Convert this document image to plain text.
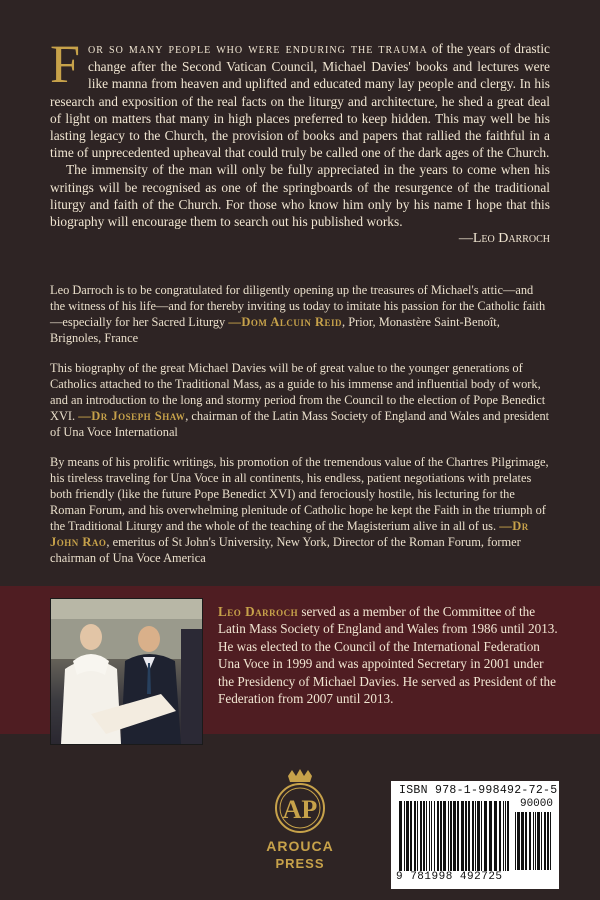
For so many people who were enduring the trauma of the years of drastic change after the Second Vatican Council, Michael Davies' books and lectures were like manna from heaven and uplifted and educated many lay people and clergy. In his research and exposition of the real facts on the liturgy and architecture, he shed a great deal of light on matters that many in high places preferred to keep hidden. This may well be his lasting legacy to the Church, the provision of books and papers that rallied the faithful in a time of unprecedented upheaval that could truly be called one of the dark ages of the Church.

The immensity of the man will only be fully appreciated in the years to come when his writings will be recognised as one of the springboards of the resurgence of the traditional liturgy and faith of the Church. For those who know him only by his name I hope that this biography will encourage them to search out his published works.

—Leo Darroch

Leo Darroch is to be congratulated for diligently opening up the treasures of Michael's attic—and the witness of his life—and for thereby inviting us today to imitate his passion for the Catholic faith—especially for her Sacred Liturgy —Dom Alcuin Reid, Prior, Monastère Saint-Benoît, Brignoles, France

This biography of the great Michael Davies will be of great value to the younger generations of Catholics attached to the Traditional Mass, as a guide to his immense and influential body of work, and an introduction to the long and stormy period from the Council to the election of Pope Benedict XVI. —Dr Joseph Shaw, chairman of the Latin Mass Society of England and Wales and president of Una Voce International

By means of his prolific writings, his promotion of the tremendous value of the Chartres Pilgrimage, his tireless traveling for Una Voce in all continents, his endless, patient negotiations with prelates both friendly (like the future Pope Benedict XVI) and ferociously hostile, his lecturing for the Roman Forum, and his overwhelming plenitude of Catholic hope he kept the Faith in the triumph of the Traditional Liturgy and the whole of the teaching of the Magisterium alive in all of us. —Dr John Rao, emeritus of St John's University, New York, Director of the Roman Forum, former chairman of Una Voce America

Leo Darroch served as a member of the Committee of the Latin Mass Society of England and Wales from 1986 until 2013. He was elected to the Council of the International Federation Una Voce in 1999 and was appointed Secretary in 2001 under the Presidency of Michael Davies. He served as President of the Federation from 2007 until 2013.
AP
AROUCA
PRESS
ISBN 978-1-998492-72-5
90000
9 781998 492725
